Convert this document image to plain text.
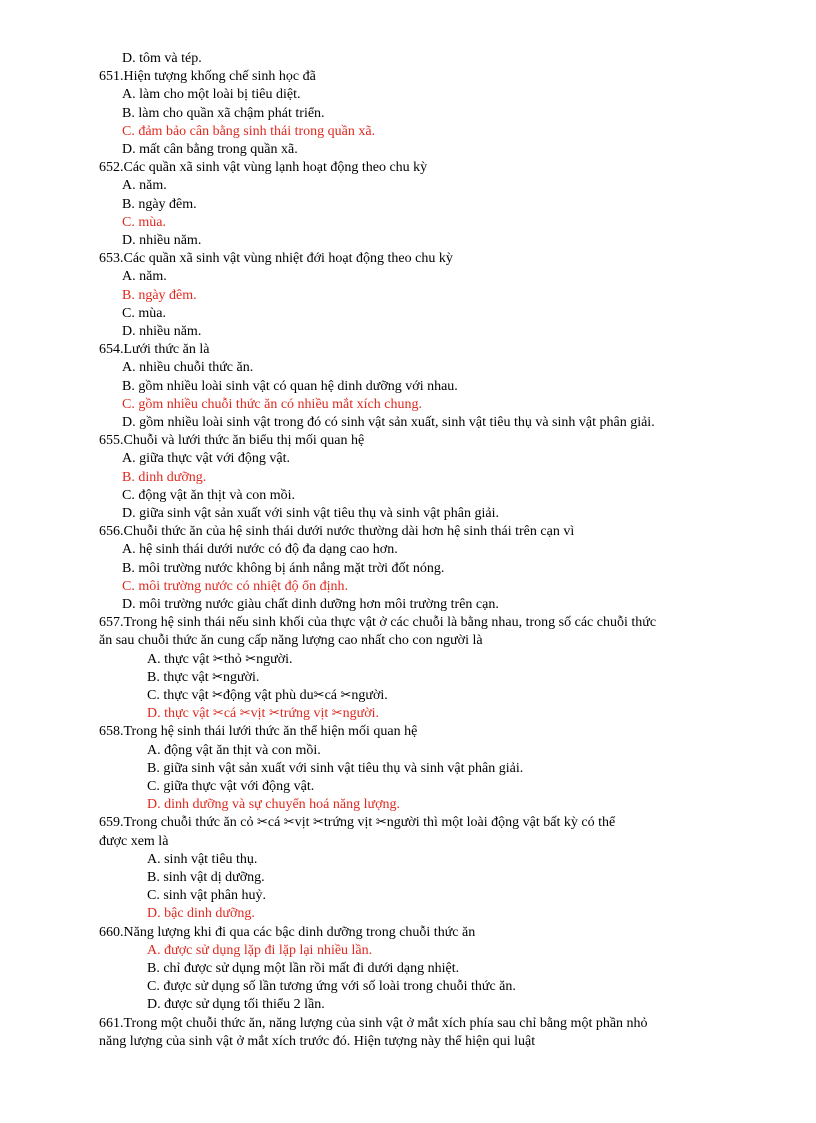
D. tôm và tép.
651.Hiện tượng khống chế sinh học đã
A. làm cho một loài bị tiêu diệt.
B. làm cho quần xã chậm phát triển.
C. đảm bảo cân bằng sinh thái trong quần xã.
D. mất cân bằng trong quần xã.
652.Các quần xã sinh vật vùng lạnh hoạt động theo chu kỳ
A. năm.
B. ngày đêm.
C. mùa.
D. nhiều năm.
653.Các quần xã sinh vật vùng nhiệt đới hoạt động theo chu kỳ
A. năm.
B. ngày đêm.
C. mùa.
D. nhiều năm.
654.Lưới thức ăn là
A. nhiều chuỗi thức ăn.
B. gồm nhiều loài sinh vật có quan hệ dinh dưỡng với nhau.
C. gồm nhiều chuỗi thức ăn có nhiều mắt xích chung.
D. gồm nhiều loài sinh vật trong đó có sinh vật sản xuất, sinh vật tiêu thụ và sinh vật phân giải.
655.Chuỗi và lưới thức ăn biểu thị mối quan hệ
A. giữa thực vật với động vật.
B. dinh dưỡng.
C. động vật ăn thịt và con mồi.
D. giữa sinh vật sản xuất với sinh vật tiêu thụ và sinh vật phân giải.
656.Chuỗi thức ăn của hệ sinh thái dưới nước thường dài hơn hệ sinh thái trên cạn vì
A. hệ sinh thái dưới nước có độ đa dạng cao hơn.
B. môi trường nước không bị ánh nắng mặt trời đốt nóng.
C. môi trường nước có nhiệt độ ổn định.
D. môi trường nước giàu chất dinh dưỡng hơn môi trường trên cạn.
657.Trong hệ sinh thái nếu sinh khối của thực vật ở các chuỗi là bằng nhau, trong số các chuỗi thức
ăn sau chuỗi thức ăn cung cấp năng lượng cao nhất cho con người là
A. thực vật ✂thỏ ✂người.
B. thực vật ✂người.
C. thực vật ✂động vật phù du✂cá ✂người.
D. thực vật ✂cá ✂vịt ✂trứng vịt ✂người.
658.Trong hệ sinh thái lưới thức ăn thể hiện mối quan hệ
A. động vật ăn thịt và con mồi.
B. giữa sinh vật sản xuất với sinh vật tiêu thụ và sinh vật phân giải.
C. giữa thực vật với động vật.
D. dinh dưỡng và sự chuyển hoá năng lượng.
659.Trong chuỗi thức ăn cỏ ✂cá ✂vịt ✂trứng vịt ✂người thì một loài động vật bất kỳ có thể
được xem là
A. sinh vật tiêu thụ.
B. sinh vật dị dưỡng.
C. sinh vật phân huỷ.
D. bậc dinh dưỡng.
660.Năng lượng khi đi qua các bậc dinh dưỡng trong chuỗi thức ăn
A. được sử dụng lặp đi lặp lại nhiều lần.
B. chỉ được sử dụng một lần rồi mất đi dưới dạng nhiệt.
C. được sử dụng số lần tương ứng với số loài trong chuỗi thức ăn.
D. được sử dụng tối thiểu 2 lần.
661.Trong một chuỗi thức ăn, năng lượng của sinh vật ở mắt xích phía sau chỉ bằng một phần nhỏ
năng lượng của sinh vật ở mắt xích trước đó. Hiện tượng này thể hiện qui luật
